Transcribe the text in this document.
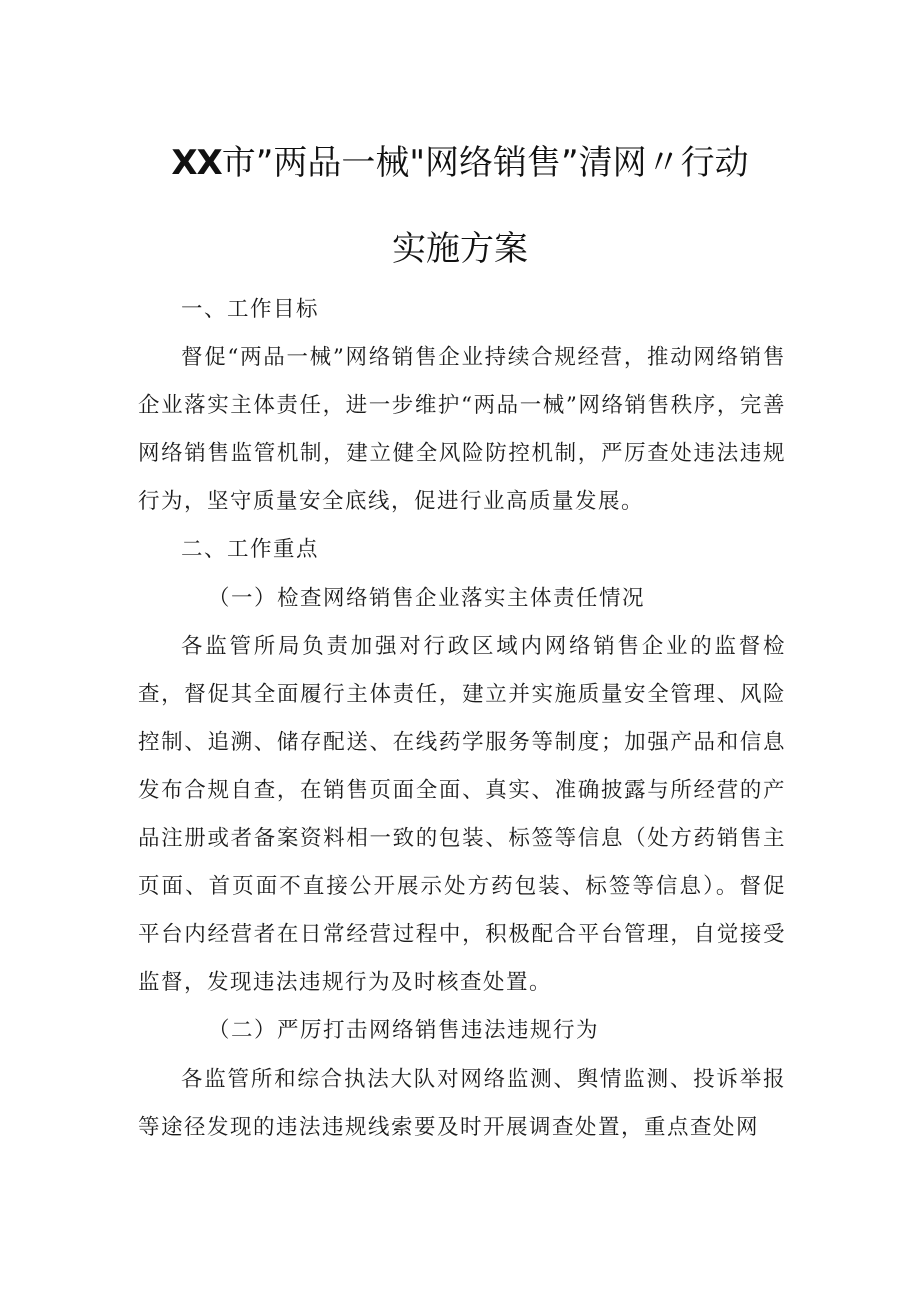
XX市”两品一械"网络销售”清网〃行动
实施方案

一、工作目标

督促“两品一械”网络销售企业持续合规经营，推动网络销售企业落实主体责任，进一步维护“两品一械”网络销售秩序，完善网络销售监管机制，建立健全风险防控机制，严厉查处违法违规行为，坚守质量安全底线，促进行业高质量发展。

二、工作重点

（一）检查网络销售企业落实主体责任情况

各监管所局负责加强对行政区域内网络销售企业的监督检查，督促其全面履行主体责任，建立并实施质量安全管理、风险控制、追溯、储存配送、在线药学服务等制度；加强产品和信息发布合规自查，在销售页面全面、真实、准确披露与所经营的产品注册或者备案资料相一致的包装、标签等信息（处方药销售主页面、首页面不直接公开展示处方药包装、标签等信息）。督促平台内经营者在日常经营过程中，积极配合平台管理，自觉接受监督，发现违法违规行为及时核查处置。

（二）严厉打击网络销售违法违规行为

各监管所和综合执法大队对网络监测、舆情监测、投诉举报等途径发现的违法违规线索要及时开展调查处置，重点查处网
